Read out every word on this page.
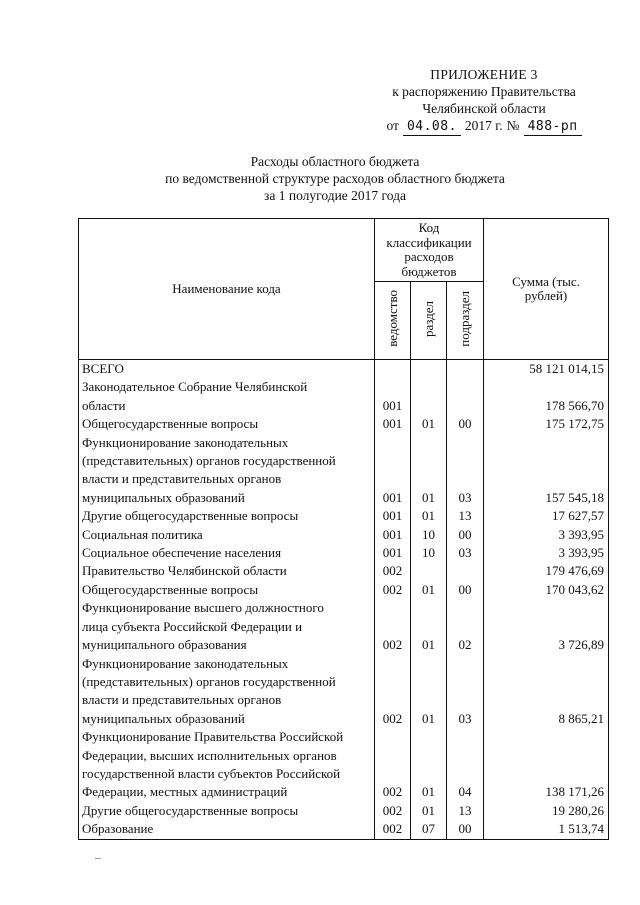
ПРИЛОЖЕНИЕ 3
к распоряжению Правительства
Челябинской области
от 04.08. 2017 г. № 488-рп
Расходы областного бюджета
по ведомственной структуре расходов областного бюджета
за 1 полугодие 2017 года
Наименование кода	Код классификации расходов бюджетов			Сумма (тыс. рублей)
	ведомство	раздел	подраздел	

ВСЕГО				58 121 014,15

Законодательное Собрание Челябинской
области	001			178 566,70

Общегосударственные вопросы	001	01	00	175 172,75

Функционирование законодательных
(представительных) органов государственной
власти и представительных органов
муниципальных образований	001	01	03	157 545,18

Другие общегосударственные вопросы	001	01	13	17 627,57

Социальная политика	001	10	00	3 393,95

Социальное обеспечение населения	001	10	03	3 393,95

Правительство Челябинской области	002			179 476,69

Общегосударственные вопросы	002	01	00	170 043,62

Функционирование высшего должностного
лица субъекта Российской Федерации и
муниципального образования	002	01	02	3 726,89

Функционирование законодательных
(представительных) органов государственной
власти и представительных органов
муниципальных образований	002	01	03	8 865,21

Функционирование Правительства Российской
Федерации, высших исполнительных органов
государственной власти субъектов Российской
Федерации, местных администраций	002	01	04	138 171,26

Другие общегосударственные вопросы	002	01	13	19 280,26

Образование	002	07	00	1 513,74
